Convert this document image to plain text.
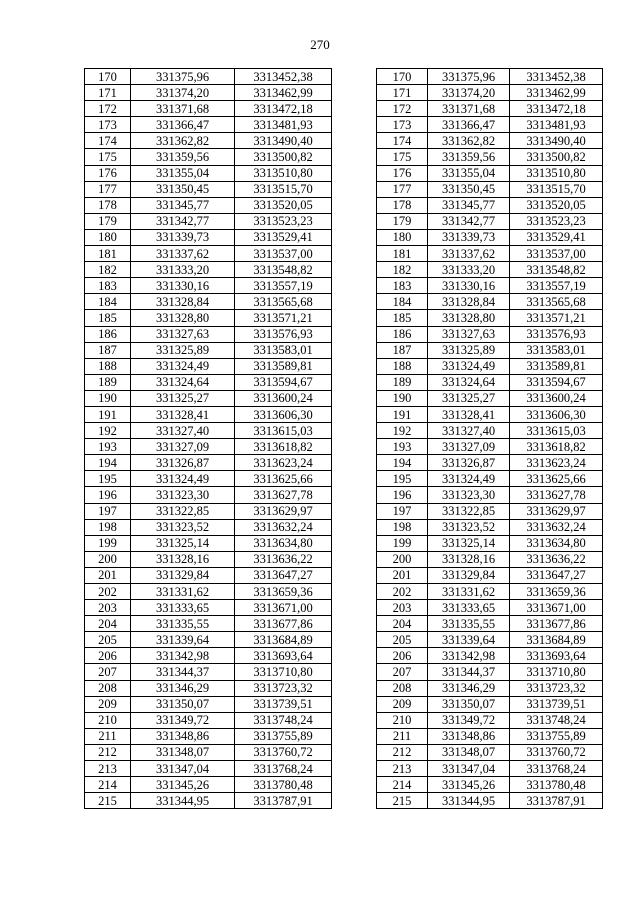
270
170	331375,96	3313452,38
171	331374,20	3313462,99
172	331371,68	3313472,18
173	331366,47	3313481,93
174	331362,82	3313490,40
175	331359,56	3313500,82
176	331355,04	3313510,80
177	331350,45	3313515,70
178	331345,77	3313520,05
179	331342,77	3313523,23
180	331339,73	3313529,41
181	331337,62	3313537,00
182	331333,20	3313548,82
183	331330,16	3313557,19
184	331328,84	3313565,68
185	331328,80	3313571,21
186	331327,63	3313576,93
187	331325,89	3313583,01
188	331324,49	3313589,81
189	331324,64	3313594,67
190	331325,27	3313600,24
191	331328,41	3313606,30
192	331327,40	3313615,03
193	331327,09	3313618,82
194	331326,87	3313623,24
195	331324,49	3313625,66
196	331323,30	3313627,78
197	331322,85	3313629,97
198	331323,52	3313632,24
199	331325,14	3313634,80
200	331328,16	3313636,22
201	331329,84	3313647,27
202	331331,62	3313659,36
203	331333,65	3313671,00
204	331335,55	3313677,86
205	331339,64	3313684,89
206	331342,98	3313693,64
207	331344,37	3313710,80
208	331346,29	3313723,32
209	331350,07	3313739,51
210	331349,72	3313748,24
211	331348,86	3313755,89
212	331348,07	3313760,72
213	331347,04	3313768,24
214	331345,26	3313780,48
215	331344,95	3313787,91
170	331375,96	3313452,38
171	331374,20	3313462,99
172	331371,68	3313472,18
173	331366,47	3313481,93
174	331362,82	3313490,40
175	331359,56	3313500,82
176	331355,04	3313510,80
177	331350,45	3313515,70
178	331345,77	3313520,05
179	331342,77	3313523,23
180	331339,73	3313529,41
181	331337,62	3313537,00
182	331333,20	3313548,82
183	331330,16	3313557,19
184	331328,84	3313565,68
185	331328,80	3313571,21
186	331327,63	3313576,93
187	331325,89	3313583,01
188	331324,49	3313589,81
189	331324,64	3313594,67
190	331325,27	3313600,24
191	331328,41	3313606,30
192	331327,40	3313615,03
193	331327,09	3313618,82
194	331326,87	3313623,24
195	331324,49	3313625,66
196	331323,30	3313627,78
197	331322,85	3313629,97
198	331323,52	3313632,24
199	331325,14	3313634,80
200	331328,16	3313636,22
201	331329,84	3313647,27
202	331331,62	3313659,36
203	331333,65	3313671,00
204	331335,55	3313677,86
205	331339,64	3313684,89
206	331342,98	3313693,64
207	331344,37	3313710,80
208	331346,29	3313723,32
209	331350,07	3313739,51
210	331349,72	3313748,24
211	331348,86	3313755,89
212	331348,07	3313760,72
213	331347,04	3313768,24
214	331345,26	3313780,48
215	331344,95	3313787,91
